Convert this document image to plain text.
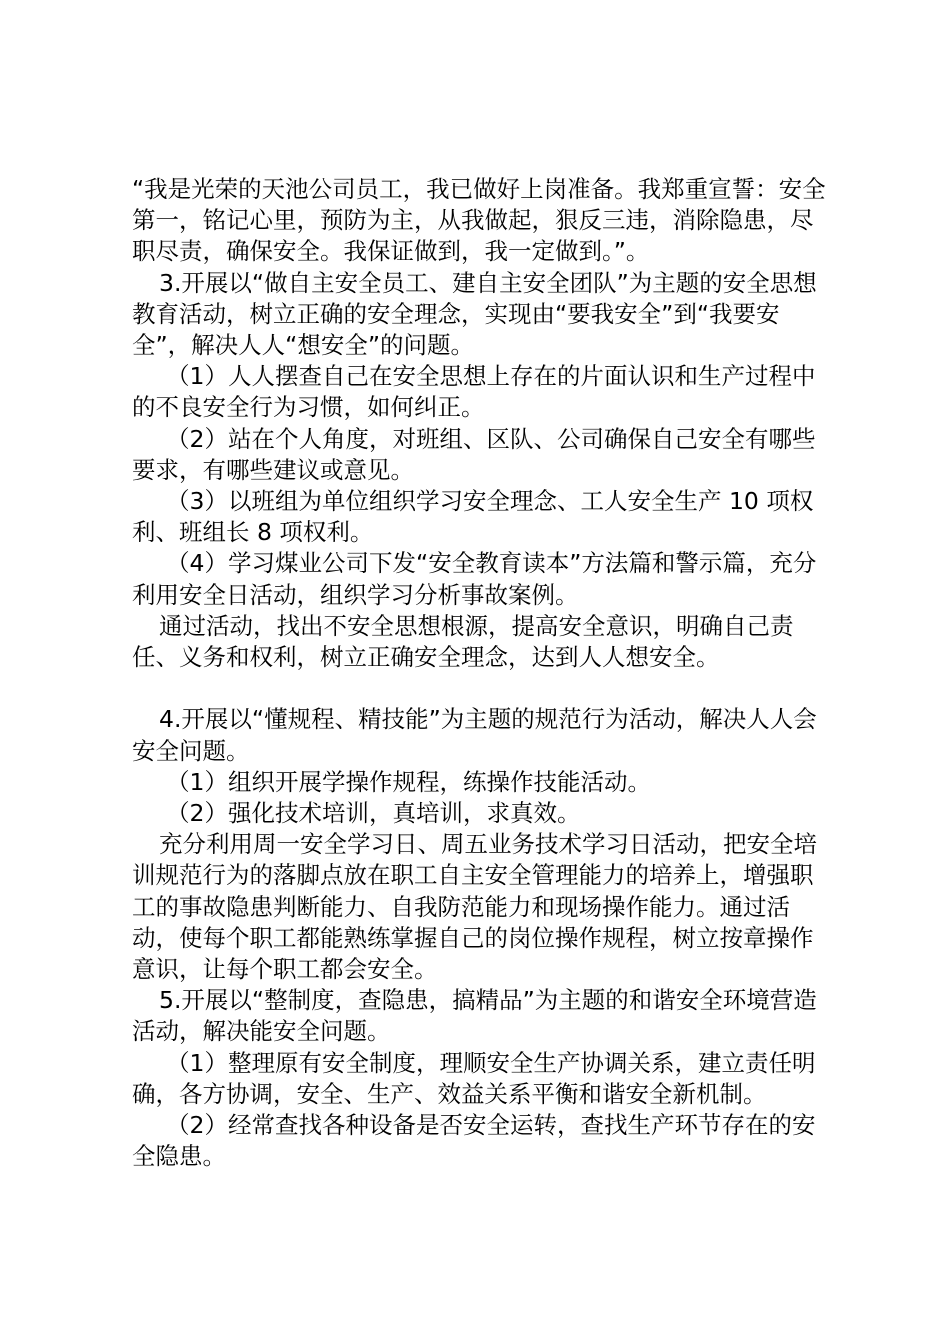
“我是光荣的天池公司员工，我已做好上岗准备。我郑重宣誓：安全第一，铭记心里，预防为主，从我做起，狠反三违，消除隐患，尽职尽责，确保安全。我保证做到，我一定做到。”。

3.开展以“做自主安全员工、建自主安全团队”为主题的安全思想教育活动，树立正确的安全理念，实现由“要我安全”到“我要安全”，解决人人“想安全”的问题。

（1）人人摆查自己在安全思想上存在的片面认识和生产过程中的不良安全行为习惯，如何纠正。

（2）站在个人角度，对班组、区队、公司确保自己安全有哪些要求，有哪些建议或意见。

（3）以班组为单位组织学习安全理念、工人安全生产 10 项权利、班组长 8 项权利。

（4）学习煤业公司下发“安全教育读本”方法篇和警示篇，充分利用安全日活动，组织学习分析事故案例。

通过活动，找出不安全思想根源，提高安全意识，明确自己责任、义务和权利，树立正确安全理念，达到人人想安全。

4.开展以“懂规程、精技能”为主题的规范行为活动，解决人人会安全问题。

（1）组织开展学操作规程，练操作技能活动。

（2）强化技术培训，真培训，求真效。

充分利用周一安全学习日、周五业务技术学习日活动，把安全培训规范行为的落脚点放在职工自主安全管理能力的培养上，增强职工的事故隐患判断能力、自我防范能力和现场操作能力。通过活动，使每个职工都能熟练掌握自己的岗位操作规程，树立按章操作意识，让每个职工都会安全。

5.开展以“整制度，查隐患，搞精品”为主题的和谐安全环境营造活动，解决能安全问题。

（1）整理原有安全制度，理顺安全生产协调关系，建立责任明确，各方协调，安全、生产、效益关系平衡和谐安全新机制。

（2）经常查找各种设备是否安全运转，查找生产环节存在的安全隐患。
